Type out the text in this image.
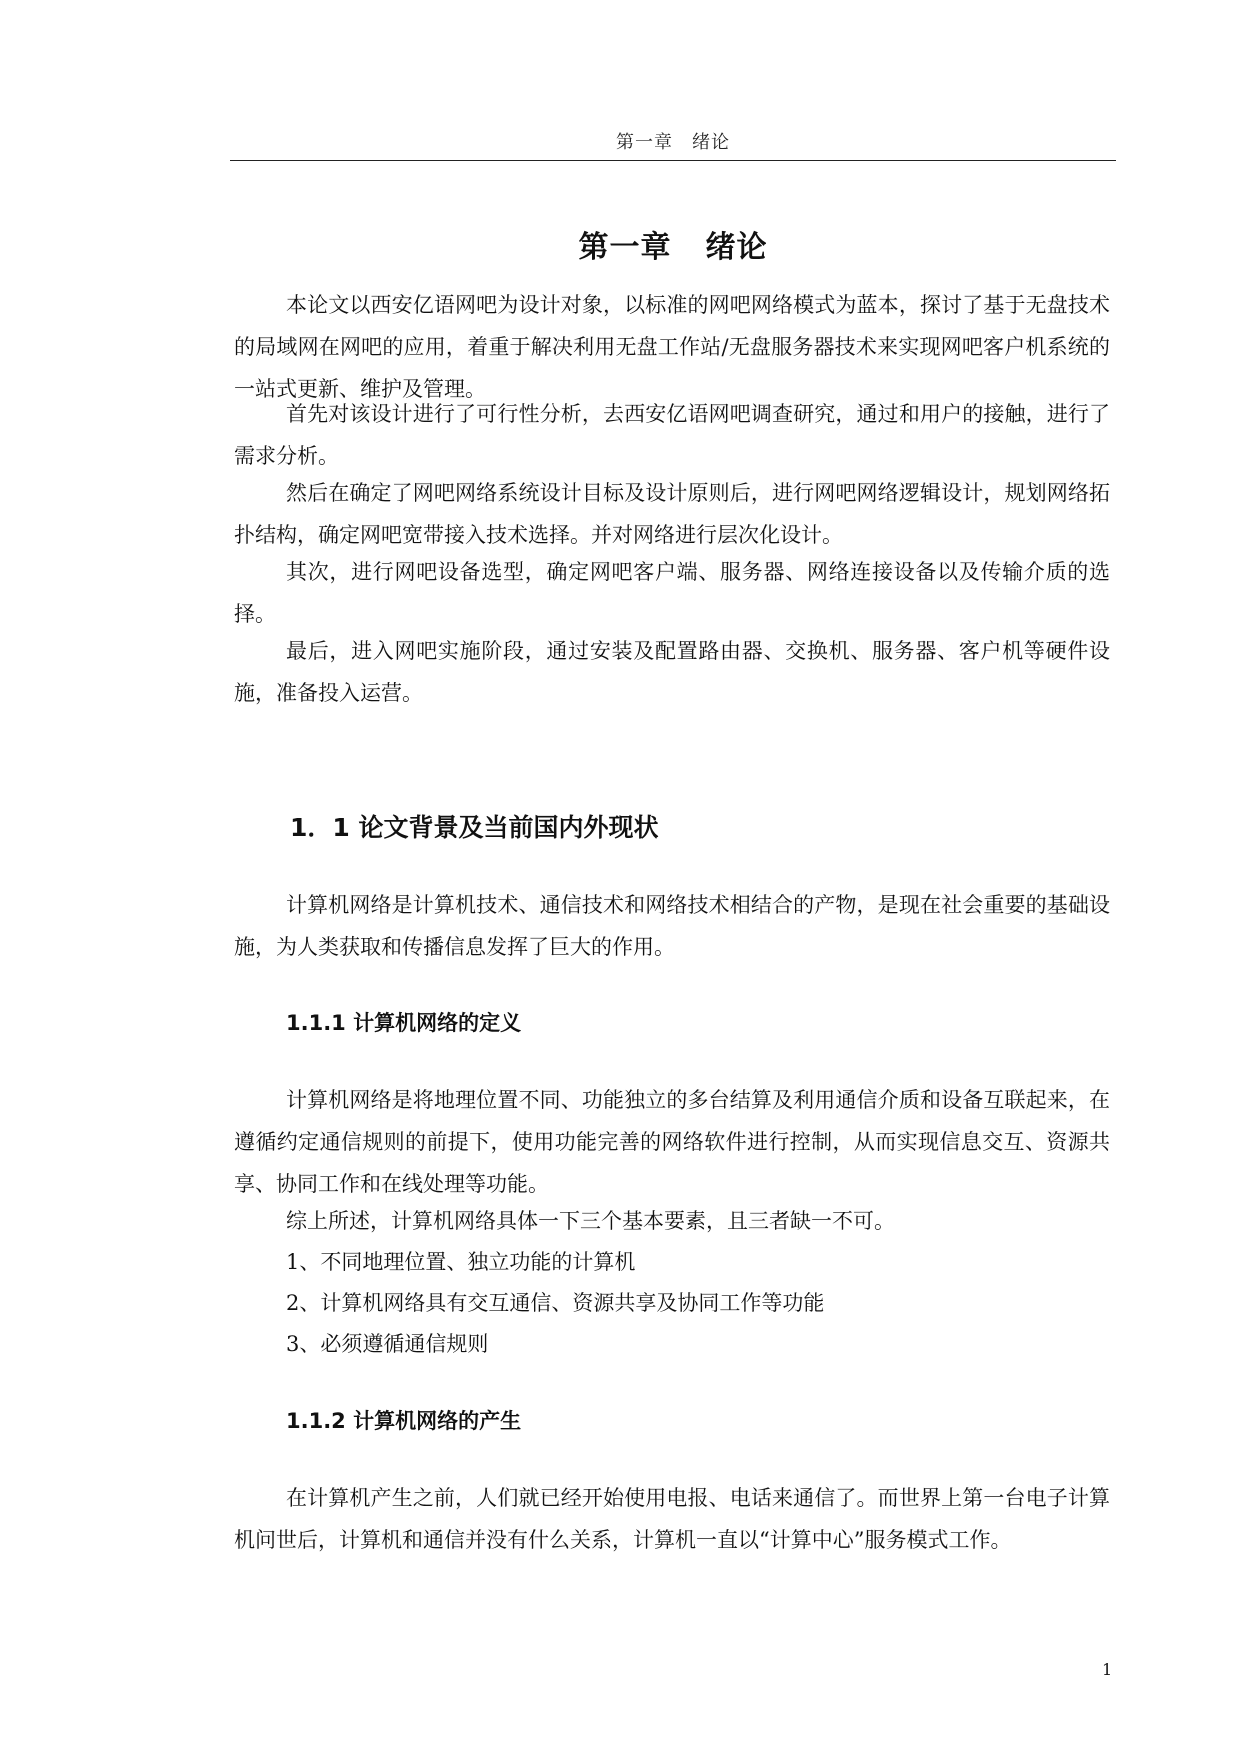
第一章　绪论
第一章 绪论

本论文以西安亿语网吧为设计对象，以标准的网吧网络模式为蓝本，探讨了基于无盘技术的局域网在网吧的应用，着重于解决利用无盘工作站/无盘服务器技术来实现网吧客户机系统的一站式更新、维护及管理。

首先对该设计进行了可行性分析，去西安亿语网吧调查研究，通过和用户的接触，进行了需求分析。

然后在确定了网吧网络系统设计目标及设计原则后，进行网吧网络逻辑设计，规划网络拓扑结构，确定网吧宽带接入技术选择。并对网络进行层次化设计。

其次，进行网吧设备选型，确定网吧客户端、服务器、网络连接设备以及传输介质的选择。

最后，进入网吧实施阶段，通过安装及配置路由器、交换机、服务器、客户机等硬件设施，准备投入运营。

1．1 论文背景及当前国内外现状

计算机网络是计算机技术、通信技术和网络技术相结合的产物，是现在社会重要的基础设施，为人类获取和传播信息发挥了巨大的作用。

1.1.1 计算机网络的定义

计算机网络是将地理位置不同、功能独立的多台结算及利用通信介质和设备互联起来，在遵循约定通信规则的前提下，使用功能完善的网络软件进行控制，从而实现信息交互、资源共享、协同工作和在线处理等功能。

综上所述，计算机网络具体一下三个基本要素，且三者缺一不可。

1、不同地理位置、独立功能的计算机

2、计算机网络具有交互通信、资源共享及协同工作等功能

3、必须遵循通信规则

1.1.2 计算机网络的产生

在计算机产生之前，人们就已经开始使用电报、电话来通信了。而世界上第一台电子计算机问世后，计算机和通信并没有什么关系，计算机一直以“计算中心”服务模式工作。

1
